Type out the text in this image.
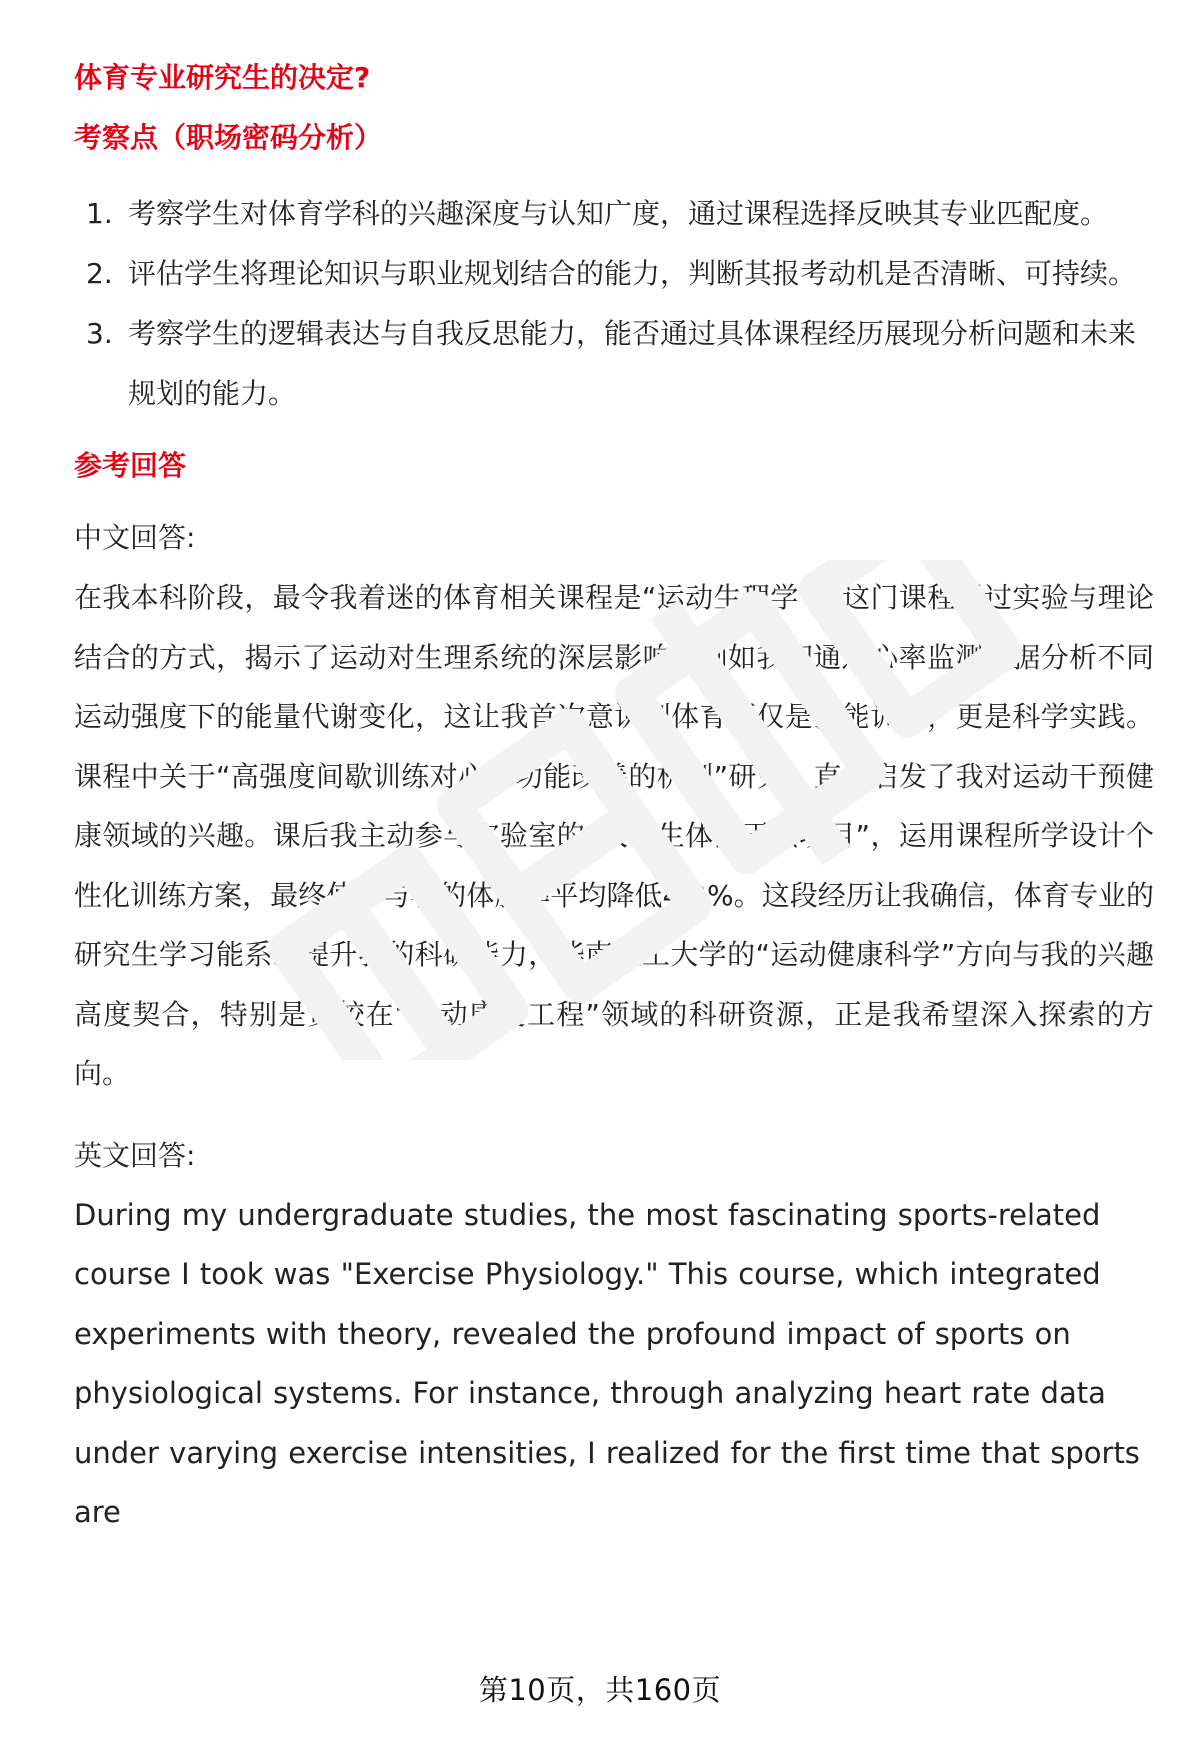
体育专业研究生的决定?
考察点（职场密码分析）
1. 考察学生对体育学科的兴趣深度与认知广度，通过课程选择反映其专业匹配度。
2. 评估学生将理论知识与职业规划结合的能力，判断其报考动机是否清晰、可持续。
3. 考察学生的逻辑表达与自我反思能力，能否通过具体课程经历展现分析问题和未来规划的能力。
参考回答

中文回答:

在我本科阶段，最令我着迷的体育相关课程是“运动生理学”。这门课程通过实验与理论结合的方式，揭示了运动对生理系统的深层影响，例如我们通过心率监测数据分析不同运动强度下的能量代谢变化，这让我首次意识到体育不仅是技能训练，更是科学实践。课程中关于“高强度间歇训练对心肺功能改善的机制”研究，直接启发了我对运动干预健康领域的兴趣。课后我主动参与实验室的“大学生体能干预项目”，运用课程所学设计个性化训练方案，最终使参与者的体脂率平均降低4.2%。这段经历让我确信，体育专业的研究生学习能系统提升我的科研能力，华南理工大学的“运动健康科学”方向与我的兴趣高度契合，特别是贵校在“运动康复工程”领域的科研资源，正是我希望深入探索的方向。

英文回答:

During my undergraduate studies, the most fascinating sports-related course I took was "Exercise Physiology." This course, which integrated experiments with theory, revealed the profound impact of sports on physiological systems. For instance, through analyzing heart rate data under varying exercise intensities, I realized for the first time that sports are

第10页，共160页
